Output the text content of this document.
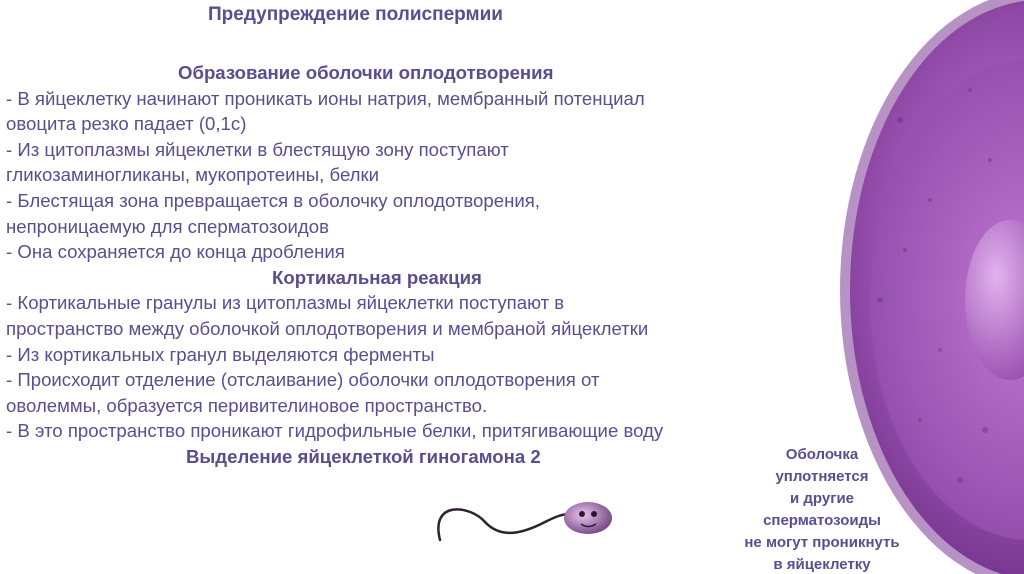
Предупреждение полиспермии
Образование оболочки оплодотворения
- В яйцеклетку начинают проникать ионы натрия, мембранный потенциал
овоцита резко падает (0,1с)
- Из цитоплазмы яйцеклетки в блестящую зону поступают
гликозаминогликаны, мукопротеины, белки
- Блестящая зона превращается в оболочку оплодотворения,
непроницаемую для сперматозоидов
- Она сохраняется до конца дробления
Кортикальная реакция
- Кортикальные гранулы из цитоплазмы яйцеклетки поступают в
пространство между оболочкой оплодотворения и мембраной яйцеклетки
- Из кортикальных гранул выделяются ферменты
- Происходит отделение (отслаивание) оболочки оплодотворения от
оволеммы, образуется перивителиновое пространство.
- В это пространство проникают гидрофильные белки, притягивающие воду
Выделение яйцеклеткой гиногамона 2	Оболочка
уплотняется
и другие
сперматозоиды
не могут проникнуть
в яйцеклетку
